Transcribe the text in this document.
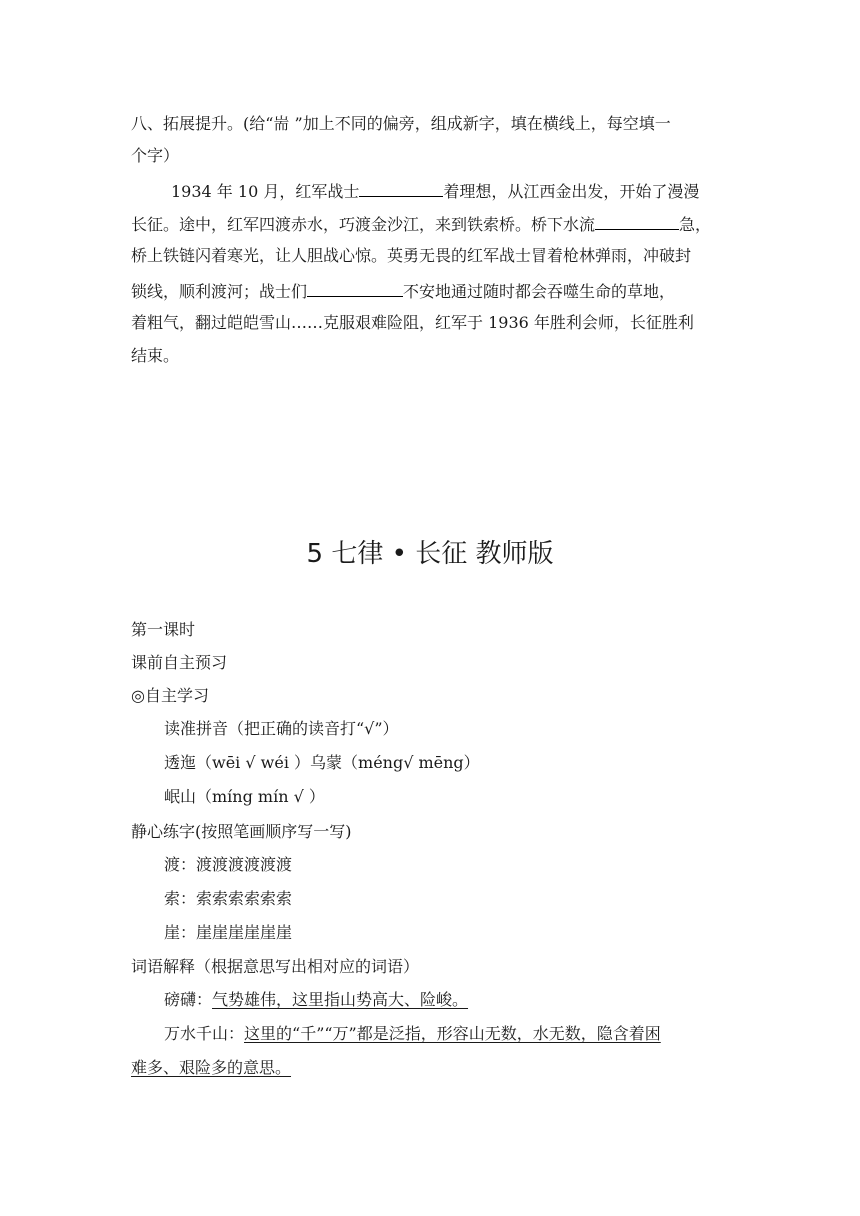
八、拓展提升。(给“耑 ”加上不同的偏旁，组成新字，填在横线上，每空填一
个字）
1934 年 10 月，红军战士	着理想，从江西金出发，开始了漫漫
长征。途中，红军四渡赤水，巧渡金沙江，来到铁索桥。桥下水流	急，
桥上铁链闪着寒光，让人胆战心惊。英勇无畏的红军战士冒着枪林弹雨，冲破封
锁线，顺利渡河；战士们	不安地通过随时都会吞噬生命的草地，
着粗气，翻过皑皑雪山……克服艰难险阻，红军于 1936 年胜利会师，长征胜利
结束。
5 七律 • 长征 教师版
第一课时
课前自主预习
◎自主学习
读准拼音（把正确的读音打“√”）
透迤（wēi √ wéi ）乌蒙（méng√ mēng）
岷山（míng mín √ ）
静心练字(按照笔画顺序写一写)
渡：渡渡渡渡渡渡
索：索索索索索索
崖：崖崖崖崖崖崖
词语解释（根据意思写出相对应的词语）
磅礴：气势雄伟，这里指山势高大、险峻。
万水千山：这里的“千”“万”都是泛指，形容山无数，水无数，隐含着困
难多、艰险多的意思。
